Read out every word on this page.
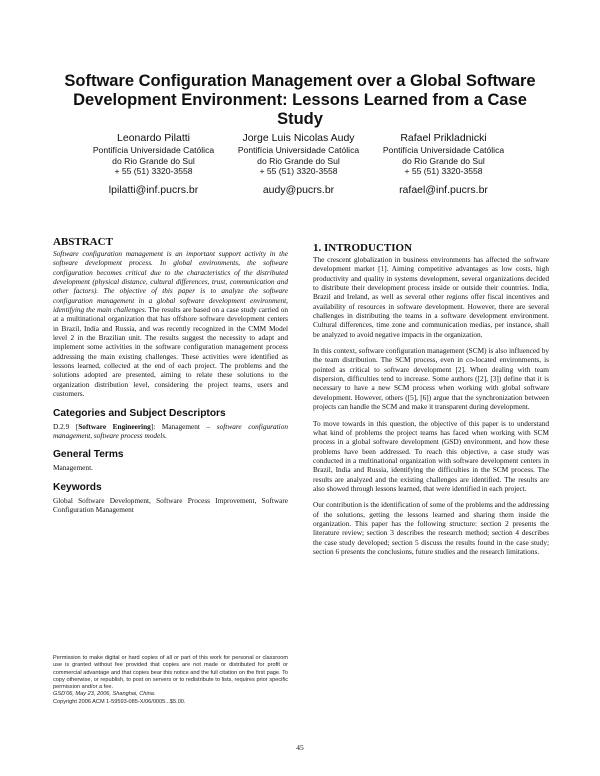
Software Configuration Management over a Global Software Development Environment: Lessons Learned from a Case Study
Leonardo Pilatti
Pontifícia Universidade Católica
do Rio Grande do Sul
+ 55 (51) 3320-3558
lpilatti@inf.pucrs.br
Jorge Luis Nicolas Audy
Pontifícia Universidade Católica
do Rio Grande do Sul
+ 55 (51) 3320-3558
audy@pucrs.br
Rafael Prikladnicki
Pontifícia Universidade Católica
do Rio Grande do Sul
+ 55 (51) 3320-3558
rafael@inf.pucrs.br
ABSTRACT

Software configuration management is an important support activity in the software development process. In global environments, the software configuration becomes critical due to the characteristics of the distributed development (physical distance, cultural differences, trust, communication and other factors). The objective of this paper is to analyze the software configuration management in a global software development environment, identifying the main challenges. The results are based on a case study carried on at a multinational organization that has offshore software development centers in Brazil, India and Russia, and was recently recognized in the CMM Model level 2 in the Brazilian unit. The results suggest the necessity to adapt and implement some activities in the software configuration management process addressing the main existing challenges. These activities were identified as lessons learned, collected at the end of each project. The problems and the solutions adopted are presented, aiming to relate these solutions to the organization distribution level, considering the project teams, users and customers.

Categories and Subject Descriptors

D.2.9 [Software Engineering]: Management – software configuration management, software process models.

General Terms

Management.

Keywords

Global Software Development, Software Process Improvement, Software Configuration Management

Permission to make digital or hard copies of all or part of this work for personal or classroom use is granted without fee provided that copies are not made or distributed for profit or commercial advantage and that copies bear this notice and the full citation on the first page. To copy otherwise, or republish, to post on servers or to redistribute to lists, requires prior specific permission and/or a fee.
GSD'06, May 23, 2006, Shanghai, China.
Copyright 2006 ACM 1-59593-085-X/06/0005...$5.00.
1. INTRODUCTION

The crescent globalization in business environments has affected the software development market [1]. Aiming competitive advantages as low costs, high productivity and quality in systems development, several organizations decided to distribute their development process inside or outside their countries. India, Brazil and Ireland, as well as several other regions offer fiscal incentives and availability of resources in software development. However, there are several challenges in distributing the teams in a software development environment. Cultural differences, time zone and communication medias, per instance, shall be analyzed to avoid negative impacts in the organization.

In this context, software configuration management (SCM) is also influenced by the team distribution. The SCM process, even in co-located environments, is pointed as critical to software development [2]. When dealing with team dispersion, difficulties tend to increase. Some authors ([2], [3]) define that it is necessary to have a new SCM process when working with global software development. However, others ([5], [6]) argue that the synchronization between projects can handle the SCM and make it transparent during development.

To move towards in this question, the objective of this paper is to understand what kind of problems the project teams has faced when working with SCM process in a global software development (GSD) environment, and how these problems have been addressed. To reach this objective, a case study was conducted in a multinational organization with software development centers in Brazil, India and Russia, identifying the difficulties in the SCM process. The results are analyzed and the existing challenges are identified. The results are also showed through lessons learned, that were identified in each project.

Our contribution is the identification of some of the problems and the addressing of the solutions, getting the lessons learned and sharing them inside the organization. This paper has the following structure: section 2 presents the literature review; section 3 describes the research method; section 4 describes the case study developed; section 5 discuss the results found in the case study; section 6 presents the conclusions, future studies and the research limitations.

45
